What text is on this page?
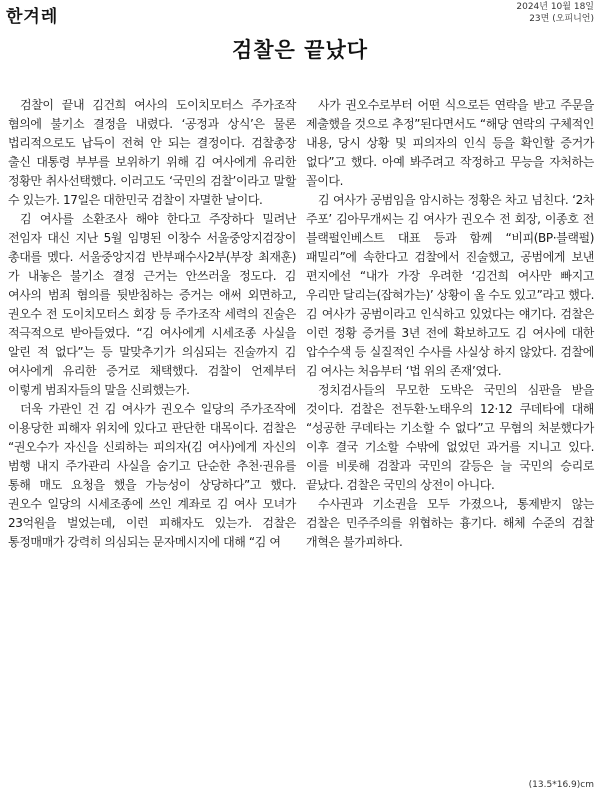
한겨레	2024년 10월 18일
23면 (오피니언)
검찰은 끝났다

검찰이 끝내 김건희 여사의 도이치모터스 주가조작 혐의에 불기소 결정을 내렸다. ‘공정과 상식’은 물론 법리적으로도 납득이 전혀 안 되는 결정이다. 검찰총장 출신 대통령 부부를 보위하기 위해 김 여사에게 유리한 정황만 취사선택했다. 이러고도 ‘국민의 검찰’이라고 말할 수 있는가. 17일은 대한민국 검찰이 자멸한 날이다.

김 여사를 소환조사 해야 한다고 주장하다 밀려난 전임자 대신 지난 5월 임명된 이창수 서울중앙지검장이 총대를 멨다. 서울중앙지검 반부패수사2부(부장 최재훈)가 내놓은 불기소 결정 근거는 안쓰러울 정도다. 김 여사의 범죄 혐의를 뒷받침하는 증거는 애써 외면하고, 권오수 전 도이치모터스 회장 등 주가조작 세력의 진술은 적극적으로 받아들였다. “김 여사에게 시세조종 사실을 알린 적 없다”는 등 말맞추기가 의심되는 진술까지 김 여사에게 유리한 증거로 채택했다. 검찰이 언제부터 이렇게 범죄자들의 말을 신뢰했는가.

더욱 가관인 건 김 여사가 권오수 일당의 주가조작에 이용당한 피해자 위치에 있다고 판단한 대목이다. 검찰은 “권오수가 자신을 신뢰하는 피의자(김 여사)에게 자신의 범행 내지 주가관리 사실을 숨기고 단순한 추천·권유를 통해 매도 요청을 했을 가능성이 상당하다”고 했다. 권오수 일당의 시세조종에 쓰인 계좌로 김 여사 모녀가 23억원을 벌었는데, 이런 피해자도 있는가. 검찰은 통정매매가 강력히 의심되는 문자메시지에 대해 “김 여

사가 권오수로부터 어떤 식으로든 연락을 받고 주문을 제출했을 것으로 추정”된다면서도 “해당 연락의 구체적인 내용, 당시 상황 및 피의자의 인식 등을 확인할 증거가 없다”고 했다. 아예 봐주려고 작정하고 무능을 자처하는 꼴이다.

김 여사가 공범임을 암시하는 정황은 차고 넘친다. ‘2차 주포’ 김아무개씨는 김 여사가 권오수 전 회장, 이종호 전 블랙펄인베스트 대표 등과 함께 “비피(BP·블랙펄) 패밀리”에 속한다고 검찰에서 진술했고, 공범에게 보낸 편지에선 “내가 가장 우려한 ‘김건희 여사만 빠지고 우리만 달리는(잡혀가는)’ 상황이 올 수도 있고”라고 했다. 김 여사가 공범이라고 인식하고 있었다는 얘기다. 검찰은 이런 정황 증거를 3년 전에 확보하고도 김 여사에 대한 압수수색 등 실질적인 수사를 사실상 하지 않았다. 검찰에 김 여사는 처음부터 ‘법 위의 존재’였다.

정치검사들의 무모한 도박은 국민의 심판을 받을 것이다. 검찰은 전두환·노태우의 12·12 쿠데타에 대해 “성공한 쿠데타는 기소할 수 없다”고 무혐의 처분했다가 이후 결국 기소할 수밖에 없었던 과거를 지니고 있다. 이를 비롯해 검찰과 국민의 갈등은 늘 국민의 승리로 끝났다. 검찰은 국민의 상전이 아니다.

수사권과 기소권을 모두 가졌으나, 통제받지 않는 검찰은 민주주의를 위협하는 흉기다. 해체 수준의 검찰 개혁은 불가피하다.

(13.5*16.9)cm
